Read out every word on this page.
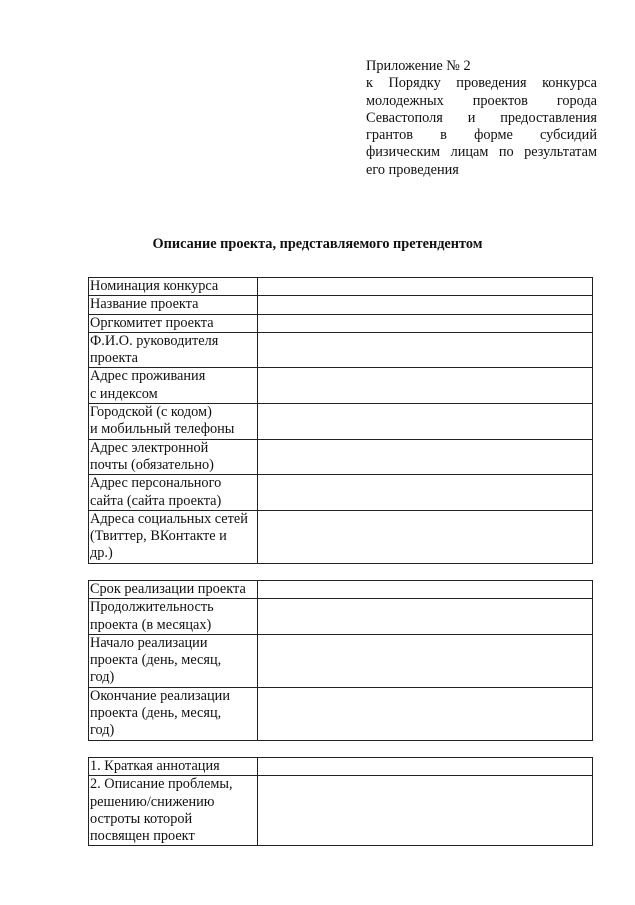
Приложение № 2
к Порядку проведения конкурса
молодежных проектов города
Севастополя и предоставления
грантов в форме субсидий
физическим лицам по результатам
его проведения
Описание проекта, представляемого претендентом
Номинация конкурса	

Название проекта	

Оргкомитет проекта	

Ф.И.О. руководителя
проекта	

Адрес проживания
с индексом	

Городской (с кодом)
и мобильный телефоны	

Адрес электронной
почты (обязательно)	

Адрес персонального
сайта (сайта проекта)	

Адреса социальных сетей
(Твиттер, ВКонтакте и
др.)	

Срок реализации проекта	

Продолжительность
проекта (в месяцах)	

Начало реализации
проекта (день, месяц,
год)	

Окончание реализации
проекта (день, месяц,
год)	

1. Краткая аннотация	

2. Описание проблемы,
решению/снижению
остроты которой
посвящен проект	
